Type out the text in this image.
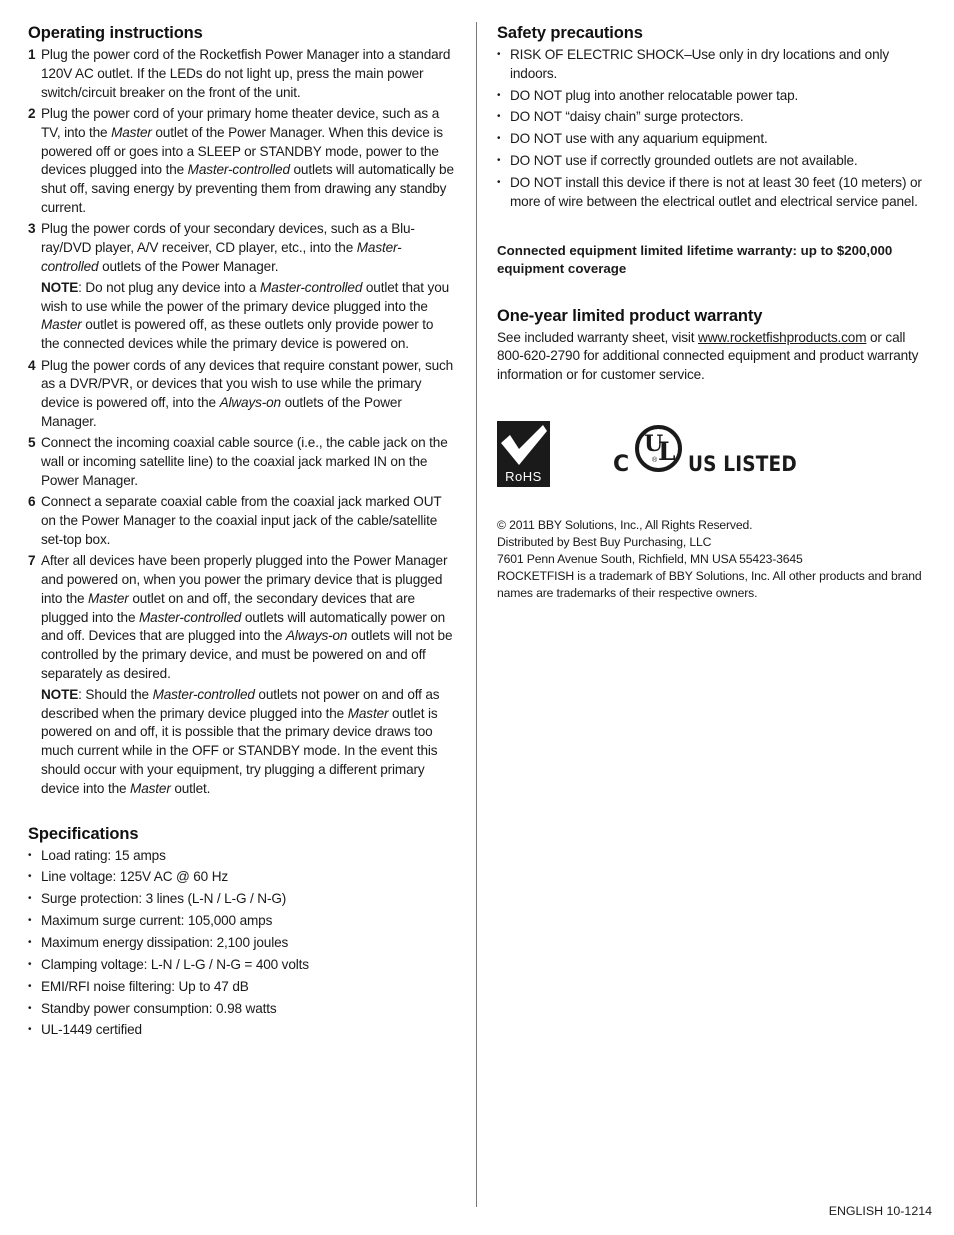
Operating instructions
1 Plug the power cord of the Rocketfish Power Manager into a standard 120V AC outlet. If the LEDs do not light up, press the main power switch/circuit breaker on the front of the unit.
2 Plug the power cord of your primary home theater device, such as a TV, into the Master outlet of the Power Manager. When this device is powered off or goes into a SLEEP or STANDBY mode, power to the devices plugged into the Master-controlled outlets will automatically be shut off, saving energy by preventing them from drawing any standby current.
3 Plug the power cords of your secondary devices, such as a Blu-ray/DVD player, A/V receiver, CD player, etc., into the Master-controlled outlets of the Power Manager.

NOTE: Do not plug any device into a Master-controlled outlet that you wish to use while the power of the primary device plugged into the Master outlet is powered off, as these outlets only provide power to the connected devices while the primary device is powered on.

4 Plug the power cords of any devices that require constant power, such as a DVR/PVR, or devices that you wish to use while the primary device is powered off, into the Always-on outlets of the Power Manager.
5 Connect the incoming coaxial cable source (i.e., the cable jack on the wall or incoming satellite line) to the coaxial jack marked IN on the Power Manager.
6 Connect a separate coaxial cable from the coaxial jack marked OUT on the Power Manager to the coaxial input jack of the cable/satellite set-top box.
7 After all devices have been properly plugged into the Power Manager and powered on, when you power the primary device that is plugged into the Master outlet on and off, the secondary devices that are plugged into the Master-controlled outlets will automatically power on and off. Devices that are plugged into the Always-on outlets will not be controlled by the primary device, and must be powered on and off separately as desired.

NOTE: Should the Master-controlled outlets not power on and off as described when the primary device plugged into the Master outlet is powered on and off, it is possible that the primary device draws too much current while in the OFF or STANDBY mode. In the event this should occur with your equipment, try plugging a different primary device into the Master outlet.

Specifications
• Load rating: 15 amps
• Line voltage: 125V AC @ 60 Hz
• Surge protection: 3 lines (L-N / L-G / N-G)
• Maximum surge current: 105,000 amps
• Maximum energy dissipation: 2,100 joules
• Clamping voltage: L-N / L-G / N-G = 400 volts
• EMI/RFI noise filtering: Up to 47 dB
• Standby power consumption: 0.98 watts
• UL-1449 certified
Safety precautions
• RISK OF ELECTRIC SHOCK–Use only in dry locations and only indoors.
• DO NOT plug into another relocatable power tap.
• DO NOT “daisy chain” surge protectors.
• DO NOT use with any aquarium equipment.
• DO NOT use if correctly grounded outlets are not available.
• DO NOT install this device if there is not at least 30 feet (10 meters) or more of wire between the electrical outlet and electrical service panel.
Connected equipment limited lifetime warranty: up to $200,000 equipment coverage
One-year limited product warranty
See included warranty sheet, visit www.rocketfishproducts.com or call 800-620-2790 for additional connected equipment and product warranty information or for customer service.
RoHS	C
U
L
® US LISTED
© 2011 BBY Solutions, Inc., All Rights Reserved.
Distributed by Best Buy Purchasing, LLC
7601 Penn Avenue South, Richfield, MN USA 55423-3645
ROCKETFISH is a trademark of BBY Solutions, Inc. All other products and brand names are trademarks of their respective owners.
ENGLISH 10-1214
